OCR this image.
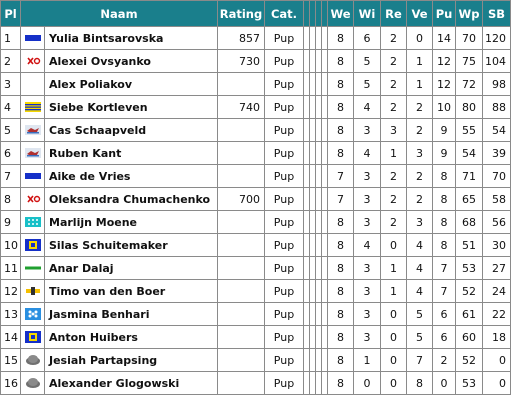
Pl	Naam		Rating	Cat.					We	Wi	Re	Ve	Pu	Wp	SB
1		Yulia Bintsarovska	857	Pup					8	6	2	0	14	70	120
2		Alexei Ovsyanko	730	Pup					8	5	2	1	12	75	104
3		Alex Poliakov		Pup					8	5	2	1	12	72	98
4		Siebe Kortleven	740	Pup					8	4	2	2	10	80	88
5		Cas Schaapveld		Pup					8	3	3	2	9	55	54
6		Ruben Kant		Pup					8	4	1	3	9	54	39
7		Aike de Vries		Pup					7	3	2	2	8	71	70
8		Oleksandra Chumachenko	700	Pup					7	3	2	2	8	65	58
9		Marlijn Moene		Pup					8	3	2	3	8	68	56
10		Silas Schuitemaker		Pup					8	4	0	4	8	51	30
11		Anar Dalaj		Pup					8	3	1	4	7	53	27
12		Timo van den Boer		Pup					8	3	1	4	7	52	24
13		Jasmina Benhari		Pup					8	3	0	5	6	61	22
14		Anton Huibers		Pup					8	3	0	5	6	60	18
15		Jesiah Partapsing		Pup					8	1	0	7	2	52	0
16		Alexander Glogowski		Pup					8	0	0	8	0	53	0
